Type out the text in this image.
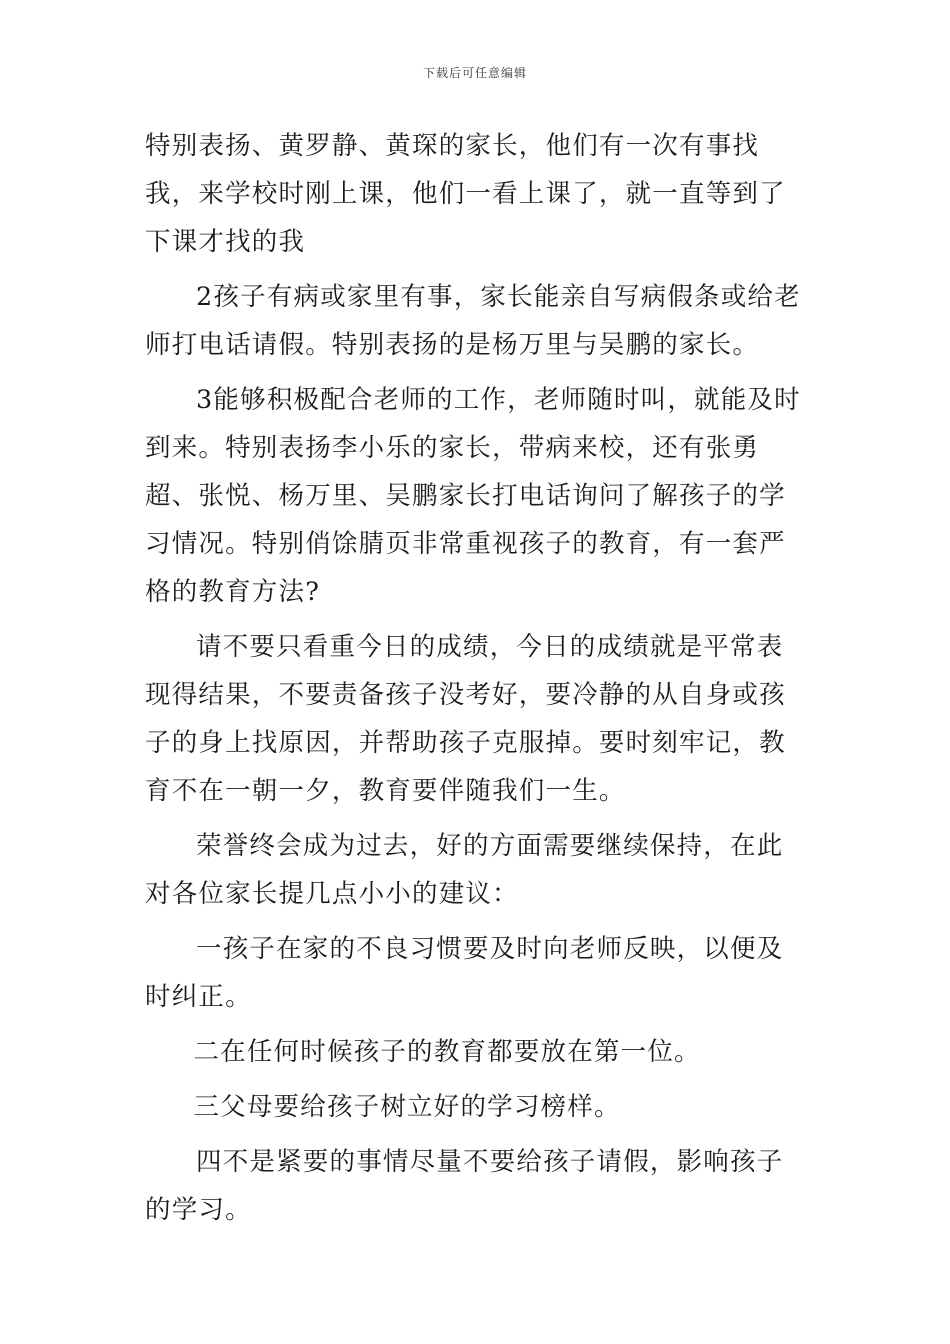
下载后可任意编辑

特别表扬、黄罗静、黄琛的家长，他们有一次有事找我，来学校时刚上课，他们一看上课了，就一直等到了下课才找的我

2孩子有病或家里有事，家长能亲自写病假条或给老师打电话请假。特别表扬的是杨万里与吴鹏的家长。

3能够积极配合老师的工作，老师随时叫，就能及时到来。特别表扬李小乐的家长，带病来校，还有张勇超、张悦、杨万里、吴鹏家长打电话询问了解孩子的学习情况。特别俏馀腈页非常重视孩子的教育，有一套严格的教育方法?

请不要只看重今日的成绩，今日的成绩就是平常表现得结果，不要责备孩子没考好，要冷静的从自身或孩子的身上找原因，并帮助孩子克服掉。要时刻牢记，教育不在一朝一夕，教育要伴随我们一生。

荣誉终会成为过去，好的方面需要继续保持，在此对各位家长提几点小小的建议：

一孩子在家的不良习惯要及时向老师反映，以便及时纠正。

二在任何时候孩子的教育都要放在第一位。

三父母要给孩子树立好的学习榜样。

四不是紧要的事情尽量不要给孩子请假，影响孩子的学习。
